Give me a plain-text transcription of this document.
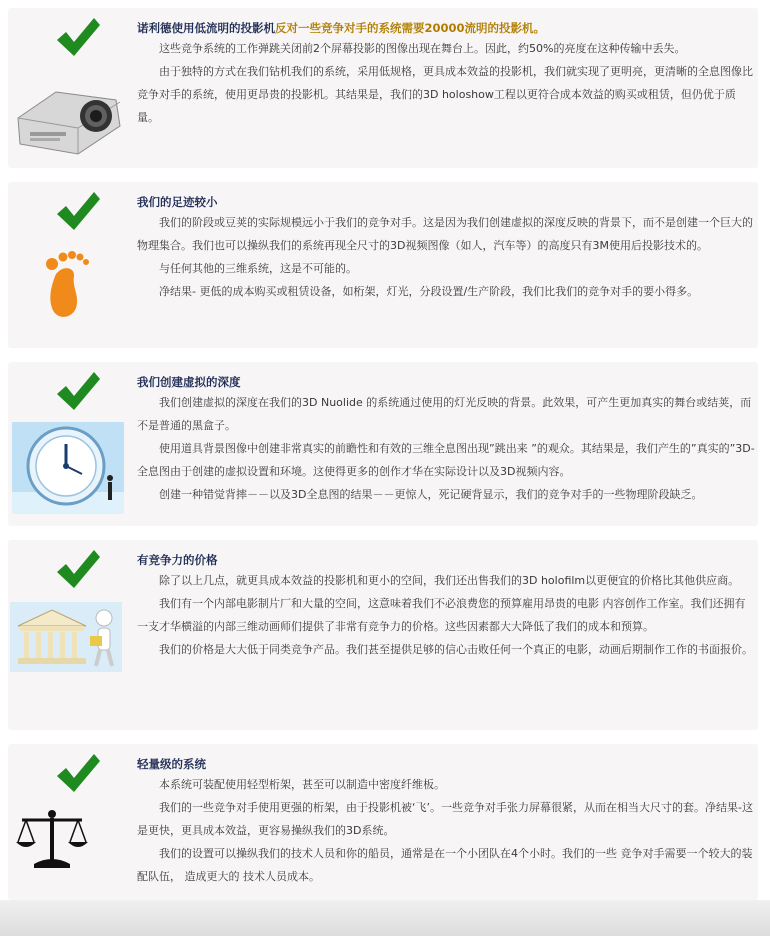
诺利德使用低流明的投影机反对一些竞争对手的系统需要20000流明的投影机。

这些竞争系统的工作弹跳关闭前2个屏幕投影的图像出现在舞台上。因此，约50%的亮度在这种传输中丢失。

由于独特的方式在我们钻机我们的系统，采用低规格，更具成本效益的投影机，我们就实现了更明亮，更清晰的全息图像比竞争对手的系统，使用更昂贵的投影机。其结果是，我们的3D holoshow工程以更符合成本效益的购买或租赁，但仍优于质量。

我们的足迹较小

我们的阶段或豆荚的实际规模远小于我们的竞争对手。这是因为我们创建虚拟的深度反映的背景下，而不是创建一个巨大的物理集合。我们也可以操纵我们的系统再现全尺寸的3D视频图像（如人，汽车等）的高度只有3M使用后投影技术的。

与任何其他的三维系统，这是不可能的。

净结果- 更低的成本购买或租赁设备，如桁架，灯光，分段设置/生产阶段，我们比我们的竞争对手的要小得多。

我们创建虚拟的深度

我们创建虚拟的深度在我们的3D Nuolide 的系统通过使用的灯光反映的背景。此效果，可产生更加真实的舞台或结荚，而不是普通的黑盒子。

使用道具背景图像中创建非常真实的前瞻性和有效的三维全息图出现”跳出来 ”的观众。其结果是，我们产生的”真实的”3D-全息图由于创建的虚拟设置和环境。这使得更多的创作才华在实际设计以及3D视频内容。

创建一种错觉背摔－－以及3D全息图的结果－－更惊人，死记硬背显示，我们的竞争对手的一些物理阶段缺乏。

有竞争力的价格

除了以上几点，就更具成本效益的投影机和更小的空间，我们还出售我们的3D holofilm以更便宜的价格比其他供应商。

我们有一个内部电影制片厂和大量的空间，这意味着我们不必浪费您的预算雇用昂贵的电影 内容创作工作室。我们还拥有一支才华横溢的内部三维动画师们提供了非常有竞争力的价格。这些因素都大大降低了我们的成本和预算。

我们的价格是大大低于同类竞争产品。我们甚至提供足够的信心击败任何一个真正的电影，动画后期制作工作的书面报价。

轻量级的系统

本系统可装配使用轻型桁架，甚至可以制造中密度纤维板。

我们的一些竞争对手使用更强的桁架，由于投影机被‘飞’。一些竞争对手张力屏幕很紧，从而在相当大尺寸的套。净结果-这是更快，更具成本效益，更容易操纵我们的3D系统。

我们的设置可以操纵我们的技术人员和你的船员，通常是在一个小团队在4个小时。我们的一些 竞争对手需要一个较大的装配队伍， 造成更大的 技术人员成本。
